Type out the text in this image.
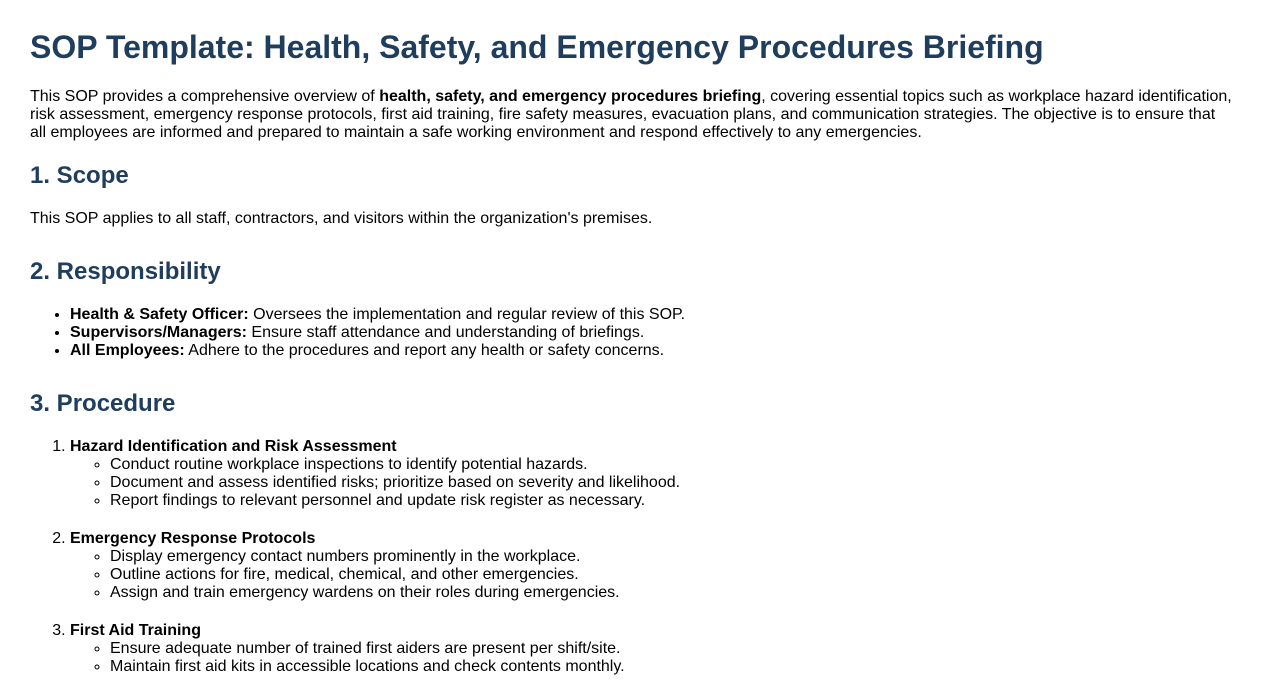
SOP Template: Health, Safety, and Emergency Procedures Briefing

This SOP provides a comprehensive overview of health, safety, and emergency procedures briefing, covering essential topics such as workplace hazard identification, risk assessment, emergency response protocols, first aid training, fire safety measures, evacuation plans, and communication strategies. The objective is to ensure that all employees are informed and prepared to maintain a safe working environment and respond effectively to any emergencies.

1. Scope

This SOP applies to all staff, contractors, and visitors within the organization's premises.

2. Responsibility
• Health & Safety Officer: Oversees the implementation and regular review of this SOP.
• Supervisors/Managers: Ensure staff attendance and understanding of briefings.
• All Employees: Adhere to the procedures and report any health or safety concerns.
3. Procedure
1. Hazard Identification and Risk Assessment
◦ Conduct routine workplace inspections to identify potential hazards.
◦ Document and assess identified risks; prioritize based on severity and likelihood.
◦ Report findings to relevant personnel and update risk register as necessary.
2. Emergency Response Protocols
◦ Display emergency contact numbers prominently in the workplace.
◦ Outline actions for fire, medical, chemical, and other emergencies.
◦ Assign and train emergency wardens on their roles during emergencies.
3. First Aid Training
◦ Ensure adequate number of trained first aiders are present per shift/site.
◦ Maintain first aid kits in accessible locations and check contents monthly.
